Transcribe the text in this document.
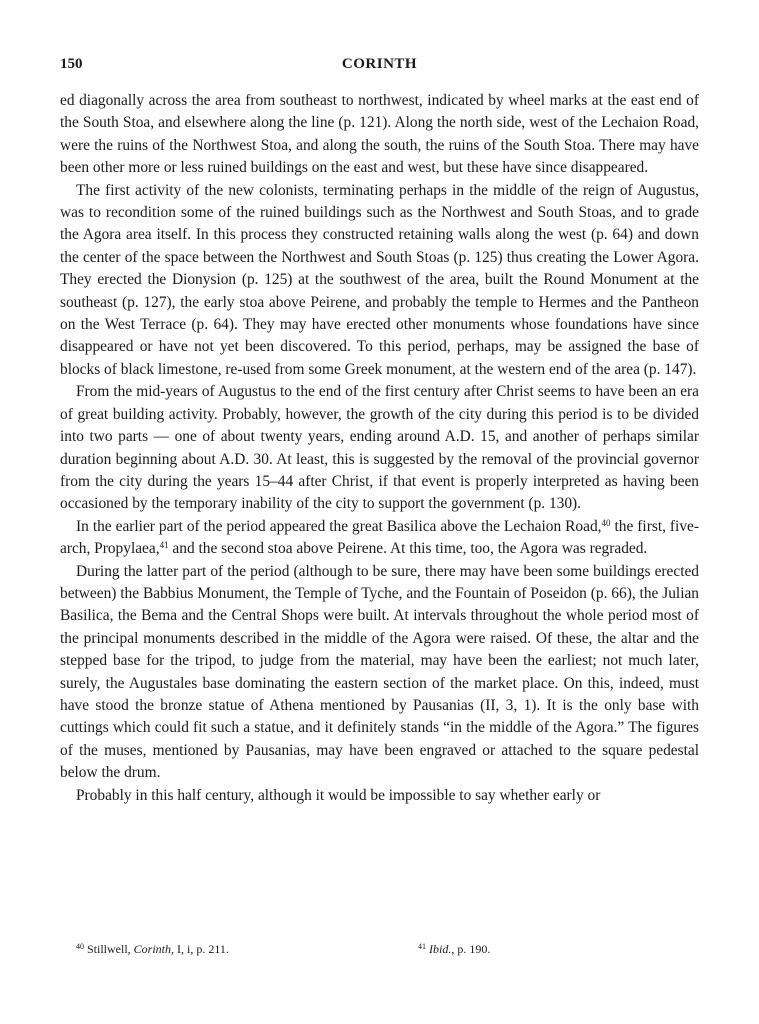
150	CORINTH

ed diagonally across the area from southeast to northwest, indicated by wheel marks at the east end of the South Stoa, and elsewhere along the line (p. 121). Along the north side, west of the Lechaion Road, were the ruins of the Northwest Stoa, and along the south, the ruins of the South Stoa. There may have been other more or less ruined buildings on the east and west, but these have since disappeared.

The first activity of the new colonists, terminating perhaps in the middle of the reign of Augustus, was to recondition some of the ruined buildings such as the Northwest and South Stoas, and to grade the Agora area itself. In this process they constructed retaining walls along the west (p. 64) and down the center of the space between the Northwest and South Stoas (p. 125) thus creating the Lower Agora. They erected the Dionysion (p. 125) at the southwest of the area, built the Round Monument at the southeast (p. 127), the early stoa above Peirene, and probably the temple to Hermes and the Pantheon on the West Terrace (p. 64). They may have erected other monuments whose foundations have since disappeared or have not yet been discovered. To this period, perhaps, may be assigned the base of blocks of black limestone, re-used from some Greek monument, at the western end of the area (p. 147).

From the mid-years of Augustus to the end of the first century after Christ seems to have been an era of great building activity. Probably, however, the growth of the city during this period is to be divided into two parts — one of about twenty years, ending around A.D. 15, and another of perhaps similar duration beginning about A.D. 30. At least, this is suggested by the removal of the provincial governor from the city during the years 15–44 after Christ, if that event is properly interpreted as having been occasioned by the temporary inability of the city to support the government (p. 130).

In the earlier part of the period appeared the great Basilica above the Lechaion Road,$^{40}$ the first, five-arch, Propylaea,$^{41}$ and the second stoa above Peirene. At this time, too, the Agora was regraded.

During the latter part of the period (although to be sure, there may have been some buildings erected between) the Babbius Monument, the Temple of Tyche, and the Fountain of Poseidon (p. 66), the Julian Basilica, the Bema and the Central Shops were built. At intervals throughout the whole period most of the principal monuments described in the middle of the Agora were raised. Of these, the altar and the stepped base for the tripod, to judge from the material, may have been the earliest; not much later, surely, the Augustales base dominating the eastern section of the market place. On this, indeed, must have stood the bronze statue of Athena mentioned by Pausanias (II, 3, 1). It is the only base with cuttings which could fit such a statue, and it definitely stands “in the middle of the Agora.” The figures of the muses, mentioned by Pausanias, may have been engraved or attached to the square pedestal below the drum.

Probably in this half century, although it would be impossible to say whether early or

$^{40}$ Stillwell, Corinth, I, i, p. 211.	$^{41}$ Ibid., p. 190.
